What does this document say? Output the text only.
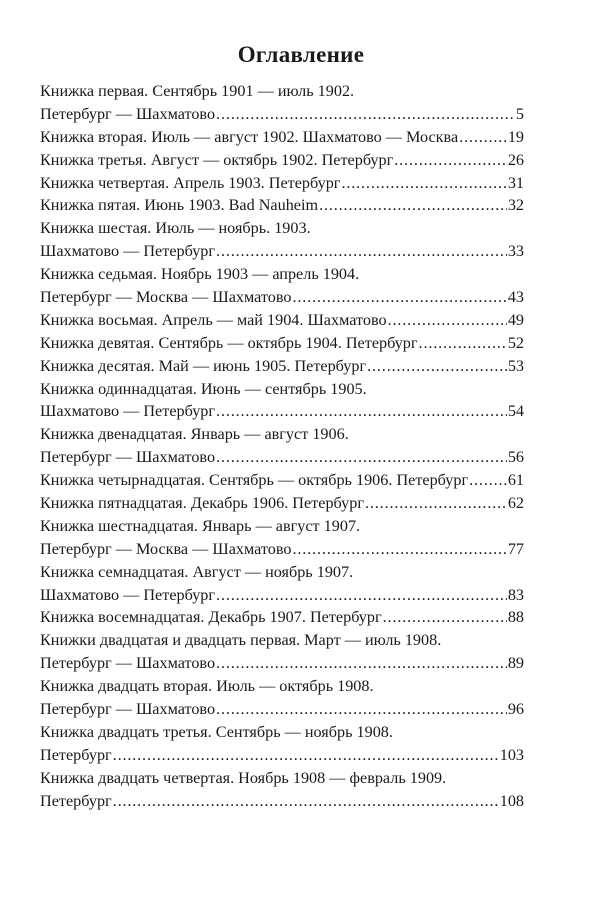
Оглавление
Книжка первая. Сентябрь 1901 — июль 1902.
Петербург — Шахматово . . .	5
Книжка вторая. Июль — август 1902. Шахматово — Москва . . .	19
Книжка третья. Август — октябрь 1902. Петербург . . .	26
Книжка четвертая. Апрель 1903. Петербург . . .	31
Книжка пятая. Июнь 1903. Bad Nauheim . . .	32
Книжка шестая. Июль — ноябрь. 1903.
Шахматово — Петербург . . .	33
Книжка седьмая. Ноябрь 1903 — апрель 1904.
Петербург — Москва — Шахматово . . .	43
Книжка восьмая. Апрель — май 1904. Шахматово . . .	49
Книжка девятая. Сентябрь — октябрь 1904. Петербург . . .	52
Книжка десятая. Май — июнь 1905. Петербург . . .	53
Книжка одиннадцатая. Июнь — сентябрь 1905.
Шахматово — Петербург . . .	54
Книжка двенадцатая. Январь — август 1906.
Петербург — Шахматово . . .	56
Книжка четырнадцатая. Сентябрь — октябрь 1906. Петербург . . . 61
Книжка пятнадцатая. Декабрь 1906. Петербург . . .	62
Книжка шестнадцатая. Январь — август 1907.
Петербург — Москва — Шахматово . . .	77
Книжка семнадцатая. Август — ноябрь 1907.
Шахматово — Петербург . . .	83
Книжка восемнадцатая. Декабрь 1907. Петербург . . .	88
Книжки двадцатая и двадцать первая. Март — июль 1908.
Петербург — Шахматово . . .	89
Книжка двадцать вторая. Июль — октябрь 1908.
Петербург — Шахматово . . .	96
Книжка двадцать третья. Сентябрь — ноябрь 1908.
Петербург . . .	103
Книжка двадцать четвертая. Ноябрь 1908 — февраль 1909.
Петербург . . .	108
